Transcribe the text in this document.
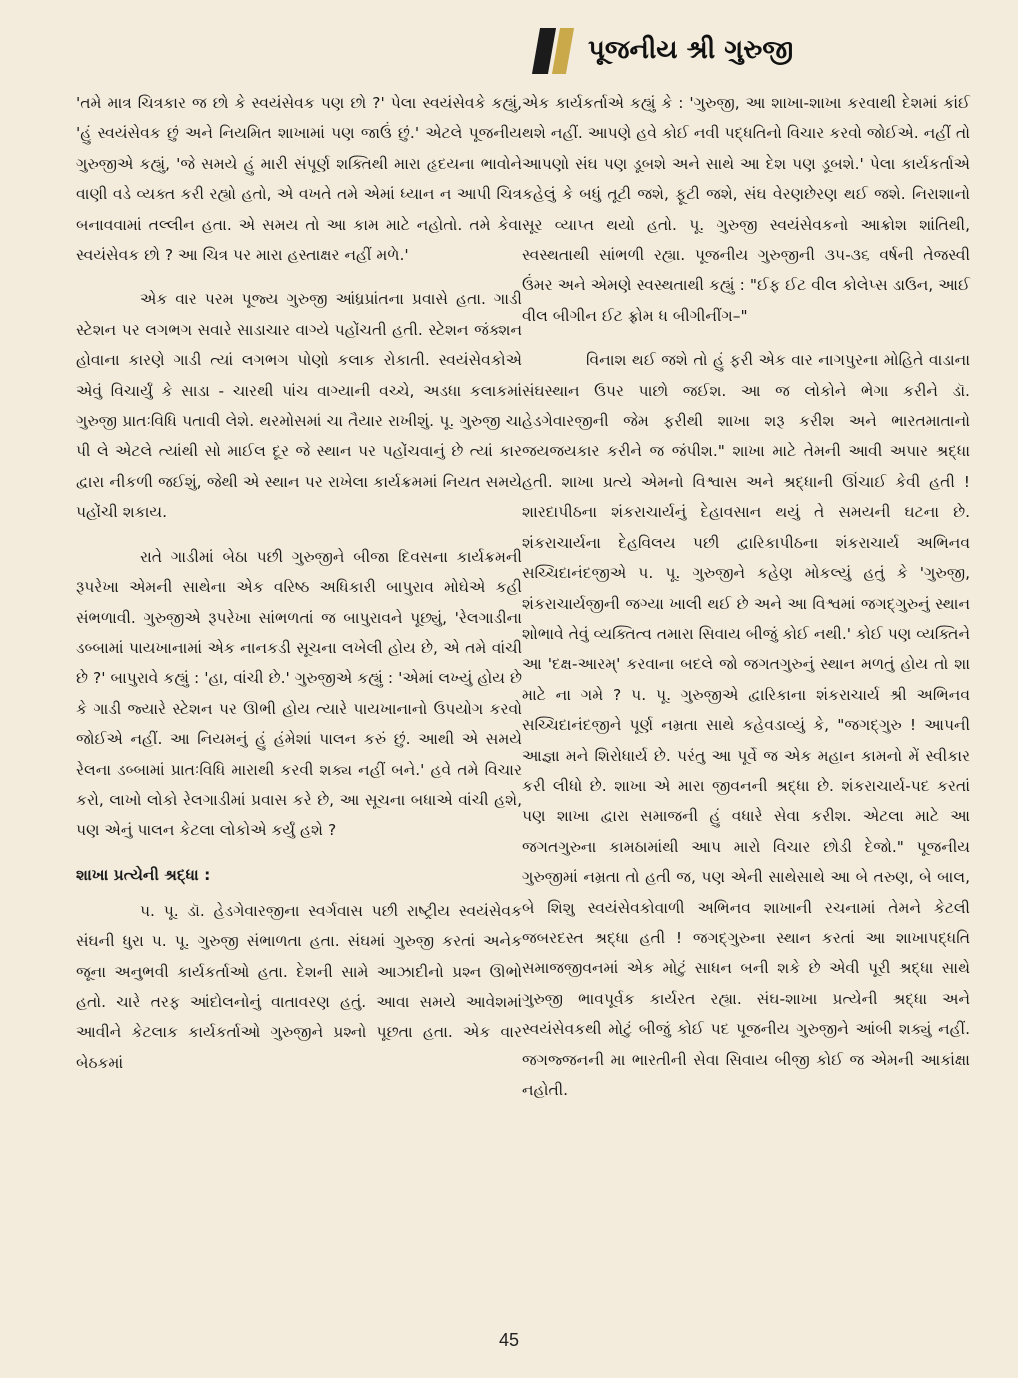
પૂજનીય શ્રી ગુરુજી

'તમે માત્ર ચિત્રકાર જ છો કે સ્વયંસેવક પણ છો ?' પેલા સ્વયંસેવકે કહ્યું, 'હું સ્વયંસેવક છું અને નિયમિત શાખામાં પણ જાઉં છું.' એટલે પૂજનીય ગુરુજીએ કહ્યું, 'જે સમયે હું મારી સંપૂર્ણ શક્તિથી મારા હૃદયના ભાવોને વાણી વડે વ્યક્ત કરી રહ્યો હતો, એ વખતે તમે એમાં ધ્યાન ન આપી ચિત્ર બનાવવામાં તલ્લીન હતા. એ સમય તો આ કામ માટે નહોતો. તમે કેવા સ્વયંસેવક છો ? આ ચિત્ર પર મારા હસ્તાક્ષર નહીં મળે.'

એક વાર પરમ પૂજ્ય ગુરુજી આંધ્રપ્રાંતના પ્રવાસે હતા. ગાડી સ્ટેશન પર લગભગ સવારે સાડાચાર વાગ્યે પહોંચતી હતી. સ્ટેશન જંક્શન હોવાના કારણે ગાડી ત્યાં લગભગ પોણો કલાક રોકાતી. સ્વયંસેવકોએ એવું વિચાર્યું કે સાડા - ચારથી પાંચ વાગ્યાની વચ્ચે, અડધા કલાકમાં ગુરુજી પ્રાતઃવિધિ પતાવી લેશે. થરમોસમાં ચા તૈયાર રાખીશું. પૂ. ગુરુજી ચા પી લે એટલે ત્યાંથી સો માઈલ દૂર જે સ્થાન પર પહોંચવાનું છે ત્યાં કાર દ્વારા નીકળી જઈશું, જેથી એ સ્થાન પર રાખેલા કાર્યક્રમમાં નિયત સમયે પહોંચી શકાય.

રાતે ગાડીમાં બેઠા પછી ગુરુજીને બીજા દિવસના કાર્યક્રમની રૂપરેખા એમની સાથેના એક વરિષ્ઠ અધિકારી બાપુરાવ મોઘેએ કહી સંભળાવી. ગુરુજીએ રૂપરેખા સાંભળતાં જ બાપુરાવને પૂછ્યું, 'રેલગાડીના ડબ્બામાં પાયખાનામાં એક નાનકડી સૂચના લખેલી હોય છે, એ તમે વાંચી છે ?' બાપુરાવે કહ્યું : 'હા, વાંચી છે.' ગુરુજીએ કહ્યું : 'એમાં લખ્યું હોય છે કે ગાડી જ્યારે સ્ટેશન પર ઊભી હોય ત્યારે પાયખાનાનો ઉપયોગ કરવો જોઈએ નહીં. આ નિયમનું હું હંમેશાં પાલન કરું છું. આથી એ સમયે રેલના ડબ્બામાં પ્રાતઃવિધિ મારાથી કરવી શક્ય નહીં બને.' હવે તમે વિચાર કરો, લાખો લોકો રેલગાડીમાં પ્રવાસ કરે છે, આ સૂચના બધાએ વાંચી હશે, પણ એનું પાલન કેટલા લોકોએ કર્યું હશે ?

શાખા પ્રત્યેની શ્રદ્ધા :

પ. પૂ. ડૉ. હેડગેવારજીના સ્વર્ગવાસ પછી રાષ્ટ્રીય સ્વયંસેવક સંઘની ધુરા પ. પૂ. ગુરુજી સંભાળતા હતા. સંઘમાં ગુરુજી કરતાં અનેક જૂના અનુભવી કાર્યકર્તાઓ હતા. દેશની સામે આઝાદીનો પ્રશ્ન ઊભો હતો. ચારે તરફ આંદોલનોનું વાતાવરણ હતું. આવા સમયે આવેશમાં આવીને કેટલાક કાર્યકર્તાઓ ગુરુજીને પ્રશ્નો પૂછતા હતા. એક વાર બેઠકમાં

એક કાર્યકર્તાએ કહ્યું કે : 'ગુરુજી, આ શાખા-શાખા કરવાથી દેશમાં કાંઈ થશે નહીં. આપણે હવે કોઈ નવી પદ્ધતિનો વિચાર કરવો જોઈએ. નહીં તો આપણો સંઘ પણ ડૂબશે અને સાથે આ દેશ પણ ડૂબશે.' પેલા કાર્યકર્તાએ કહેલું કે બધું તૂટી જશે, ફૂટી જશે, સંઘ વેરણછેરણ થઈ જશે. નિરાશાનો સૂર વ્યાપ્ત થયો હતો. પૂ. ગુરુજી સ્વયંસેવકનો આક્રોશ શાંતિથી, સ્વસ્થતાથી સાંભળી રહ્યા. પૂજનીય ગુરુજીની ૩૫-૩૬ વર્ષની તેજસ્વી ઉંમર અને એમણે સ્વસ્થતાથી કહ્યું : "ઈફ ઈટ વીલ કોલેપ્સ ડાઉન, આઈ વીલ બીગીન ઈટ ફ્રોમ ધ બીગીનીંગ–"

વિનાશ થઈ જશે તો હું ફરી એક વાર નાગપુરના મોહિતે વાડાના સંઘસ્થાન ઉપર પાછો જઈશ. આ જ લોકોને ભેગા કરીને ડૉ. હેડગેવારજીની જેમ ફરીથી શાખા શરૂ કરીશ અને ભારતમાતાનો જયજયકાર કરીને જ જંપીશ." શાખા માટે તેમની આવી અપાર શ્રદ્ધા હતી. શાખા પ્રત્યે એમનો વિશ્વાસ અને શ્રદ્ધાની ઊંચાઈ કેવી હતી ! શારદાપીઠના શંકરાચાર્યનું દેહાવસાન થયું તે સમયની ઘટના છે. શંકરાચાર્યના દેહવિલય પછી દ્વારિકાપીઠના શંકરાચાર્ય અભિનવ સચ્ચિદાનંદજીએ પ. પૂ. ગુરુજીને કહેણ મોકલ્યું હતું કે 'ગુરુજી, શંકરાચાર્યજીની જગ્યા ખાલી થઈ છે અને આ વિશ્વમાં જગદ્‌ગુરુનું સ્થાન શોભાવે તેવું વ્યક્તિત્વ તમારા સિવાય બીજું કોઈ નથી.' કોઈ પણ વ્યક્તિને આ 'દક્ષ-આરમ્' કરવાના બદલે જો જગતગુરુનું સ્થાન મળતું હોય તો શા માટે ના ગમે ? પ. પૂ. ગુરુજીએ દ્વારિકાના શંકરાચાર્ય શ્રી અભિનવ સચ્ચિદાનંદજીને પૂર્ણ નમ્રતા સાથે કહેવડાવ્યું કે, "જગદ્‌ગુરુ ! આપની આજ્ઞા મને શિરોધાર્ય છે. પરંતુ આ પૂર્વે જ એક મહાન કામનો મેં સ્વીકાર કરી લીધો છે. શાખા એ મારા જીવનની શ્રદ્ધા છે. શંકરાચાર્ય-પદ કરતાં પણ શાખા દ્વારા સમાજની હું વધારે સેવા કરીશ. એટલા માટે આ જગતગુરુના કામઠામાંથી આપ મારો વિચાર છોડી દેજો." પૂજનીય ગુરુજીમાં નમ્રતા તો હતી જ, પણ એની સાથેસાથે આ બે તરુણ, બે બાલ, બે શિશુ સ્વયંસેવકોવાળી અભિનવ શાખાની રચનામાં તેમને કેટલી જબરદસ્ત શ્રદ્ધા હતી ! જગદ્‌ગુરુના સ્થાન કરતાં આ શાખાપદ્ધતિ સમાજજીવનમાં એક મોટું સાધન બની શકે છે એવી પૂરી શ્રદ્ધા સાથે ગુરુજી ભાવપૂર્વક કાર્યરત રહ્યા. સંઘ-શાખા પ્રત્યેની શ્રદ્ધા અને સ્વયંસેવકથી મોટું બીજું કોઈ પદ પૂજનીય ગુરુજીને આંબી શક્યું નહીં. જગજ્જનની મા ભારતીની સેવા સિવાય બીજી કોઈ જ એમની આકાંક્ષા નહોતી.

45
